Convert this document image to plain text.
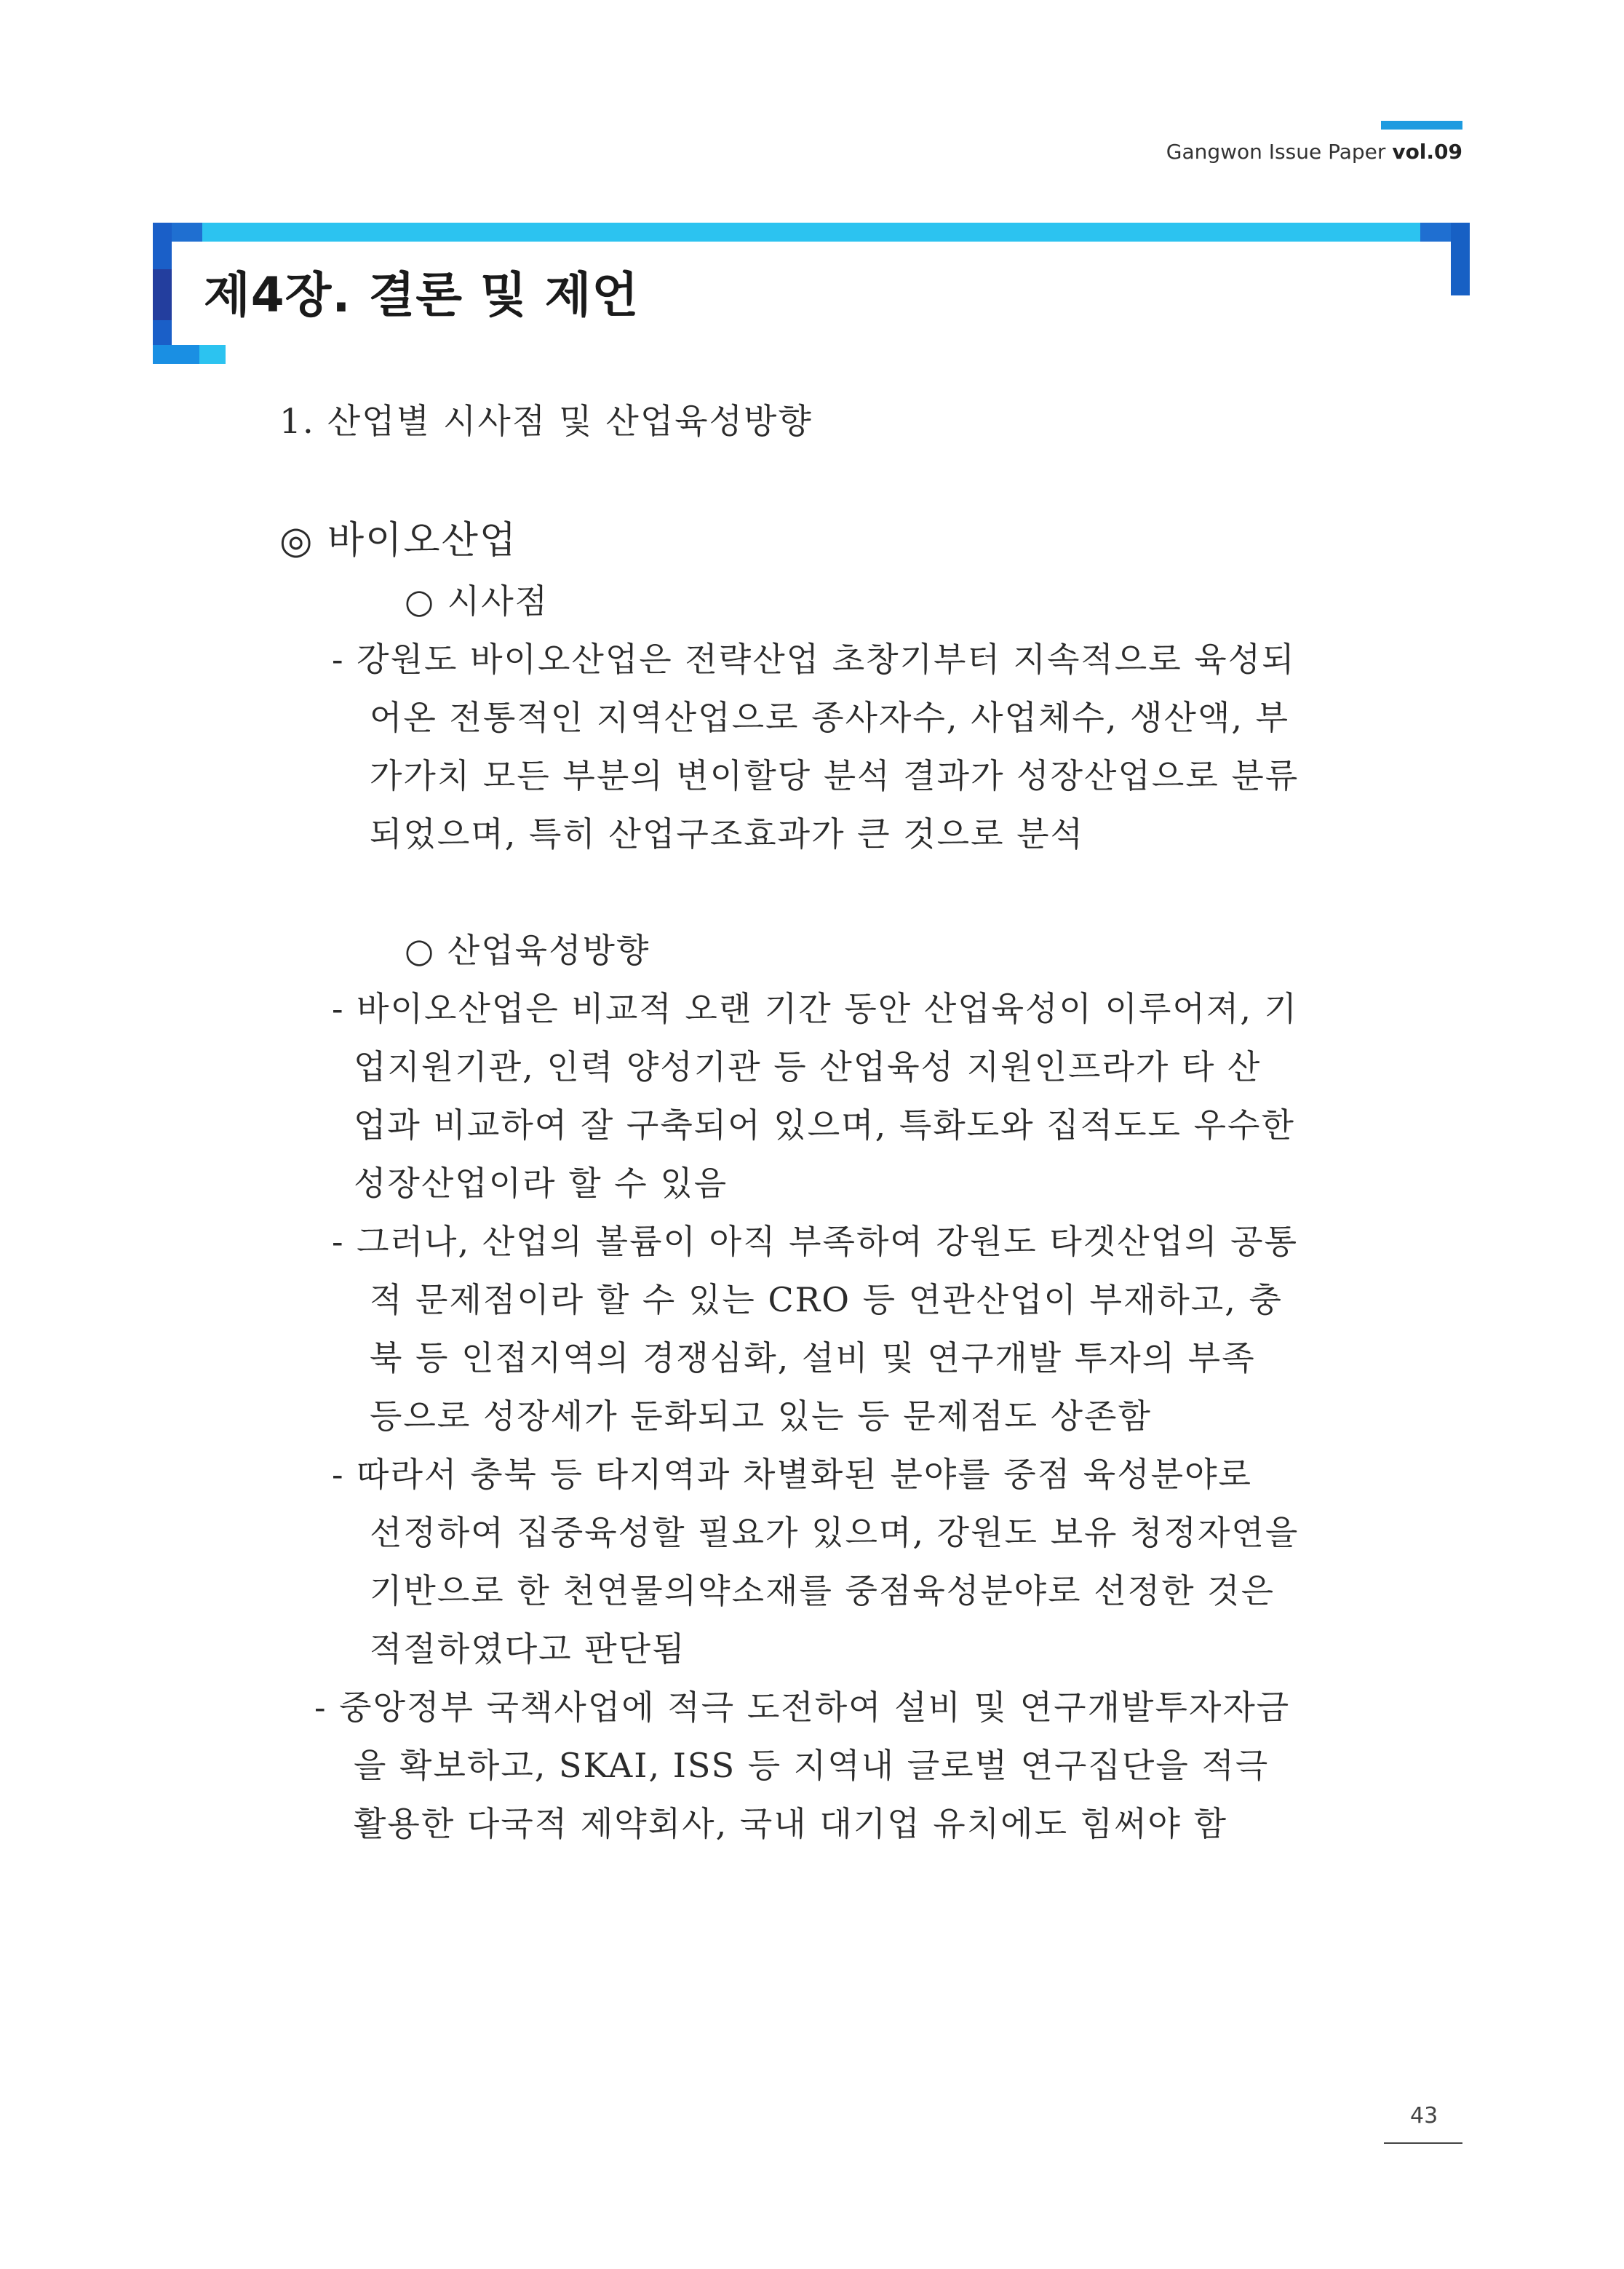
Gangwon Issue Paper vol.09
제4장. 결론 및 제언
1. 산업별 시사점 및 산업육성방향
◎ 바이오산업
○ 시사점
- 강원도 바이오산업은 전략산업 초창기부터 지속적으로 육성되
어온 전통적인 지역산업으로 종사자수, 사업체수, 생산액, 부
가가치 모든 부분의 변이할당 분석 결과가 성장산업으로 분류
되었으며, 특히 산업구조효과가 큰 것으로 분석
○ 산업육성방향
- 바이오산업은 비교적 오랜 기간 동안 산업육성이 이루어져, 기
업지원기관, 인력 양성기관 등 산업육성 지원인프라가 타 산
업과 비교하여 잘 구축되어 있으며, 특화도와 집적도도 우수한
성장산업이라 할 수 있음
- 그러나, 산업의 볼륨이 아직 부족하여 강원도 타겟산업의 공통
적 문제점이라 할 수 있는 CRO 등 연관산업이 부재하고, 충
북 등 인접지역의 경쟁심화, 설비 및 연구개발 투자의 부족
등으로 성장세가 둔화되고 있는 등 문제점도 상존함
- 따라서 충북 등 타지역과 차별화된 분야를 중점 육성분야로
선정하여 집중육성할 필요가 있으며, 강원도 보유 청정자연을
기반으로 한 천연물의약소재를 중점육성분야로 선정한 것은
적절하였다고 판단됨
- 중앙정부 국책사업에 적극 도전하여 설비 및 연구개발투자자금
을 확보하고, SKAI, ISS 등 지역내 글로벌 연구집단을 적극
활용한 다국적 제약회사, 국내 대기업 유치에도 힘써야 함
43
